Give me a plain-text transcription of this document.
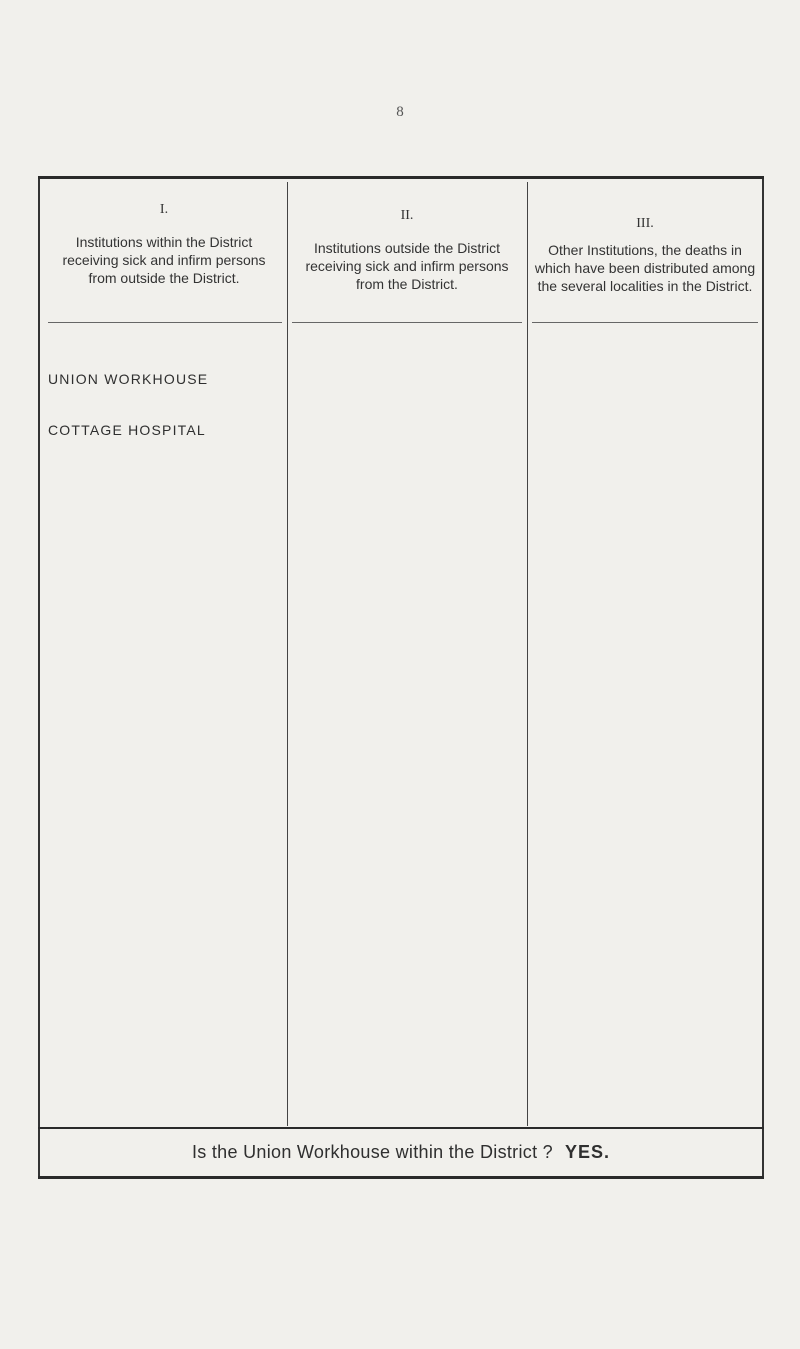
8
I.
Institutions within the District receiving sick and infirm persons from outside the District.
II.
Institutions outside the District receiving sick and infirm persons from the District.
III.
Other Institutions, the deaths in which have been distributed among the several localities in the District.
UNION WORKHOUSE
COTTAGE HOSPITAL
Is the Union Workhouse within the District ? YES.
